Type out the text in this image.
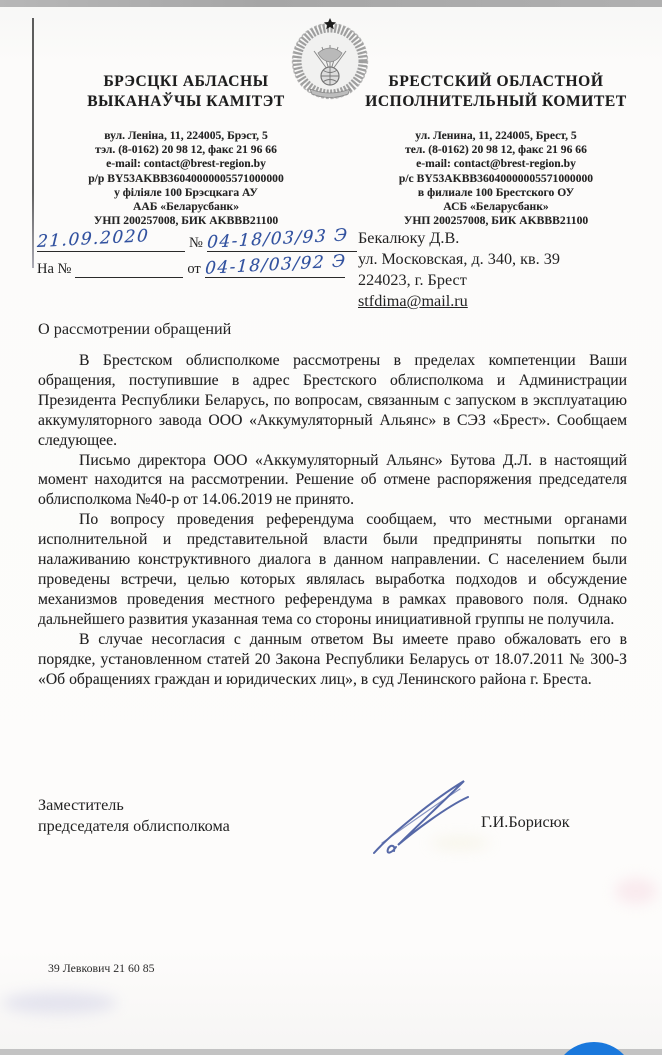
БРЭСЦКІ АБЛАСНЫ
ВЫКАНАЎЧЫ КАМІТЭТ
вул. Леніна, 11, 224005, Брэст, 5
тэл. (8-0162) 20 98 12, факс 21 96 66
e-mail: contact@brest-region.by
р/р BY53AKBB36040000005571000000
у філіяле 100 Брэсцкага АУ
ААБ «Беларусбанк»
УНП 200257008, БИК AKBBB21100
БРЕСТСКИЙ ОБЛАСТНОЙ
ИСПОЛНИТЕЛЬНЫЙ КОМИТЕТ
ул. Ленина, 11, 224005, Брест, 5
тел. (8-0162) 20 98 12, факс 21 96 66
e-mail: contact@brest-region.by
р/с BY53AKBB36040000005571000000
в филиале 100 Брестского ОУ
АСБ «Беларусбанк»
УНП 200257008, БИК AKBBB21100
21.09.2020	№ 04-18/03/93 Э
На №	от 04-18/03/92 Э
Бекалюку Д.В.
ул. Московская, д. 340, кв. 39
224023, г. Брест
stfdima@mail.ru
О рассмотрении обращений

В Брестском облисполкоме рассмотрены в пределах компетенции Ваши обращения, поступившие в адрес Брестского облисполкома и Администрации Президента Республики Беларусь, по вопросам, связанным с запуском в эксплуатацию аккумуляторного завода ООО «Аккумуляторный Альянс» в СЭЗ «Брест». Сообщаем следующее.

Письмо директора ООО «Аккумуляторный Альянс» Бутова Д.Л. в настоящий момент находится на рассмотрении. Решение об отмене распоряжения председателя облисполкома №40-р от 14.06.2019 не принято.

По вопросу проведения референдума сообщаем, что местными органами исполнительной и представительной власти были предприняты попытки по налаживанию конструктивного диалога в данном направлении. С населением были проведены встречи, целью которых являлась выработка подходов и обсуждение механизмов проведения местного референдума в рамках правового поля. Однако дальнейшего развития указанная тема со стороны инициативной группы не получила.

В случае несогласия с данным ответом Вы имеете право обжаловать его в порядке, установленном статей 20 Закона Республики Беларусь от 18.07.2011 № 300-З «Об обращениях граждан и юридических лиц», в суд Ленинского района г. Бреста.

Заместитель
председателя облисполкома	Г.И.Борисюк
39 Левкович 21 60 85
